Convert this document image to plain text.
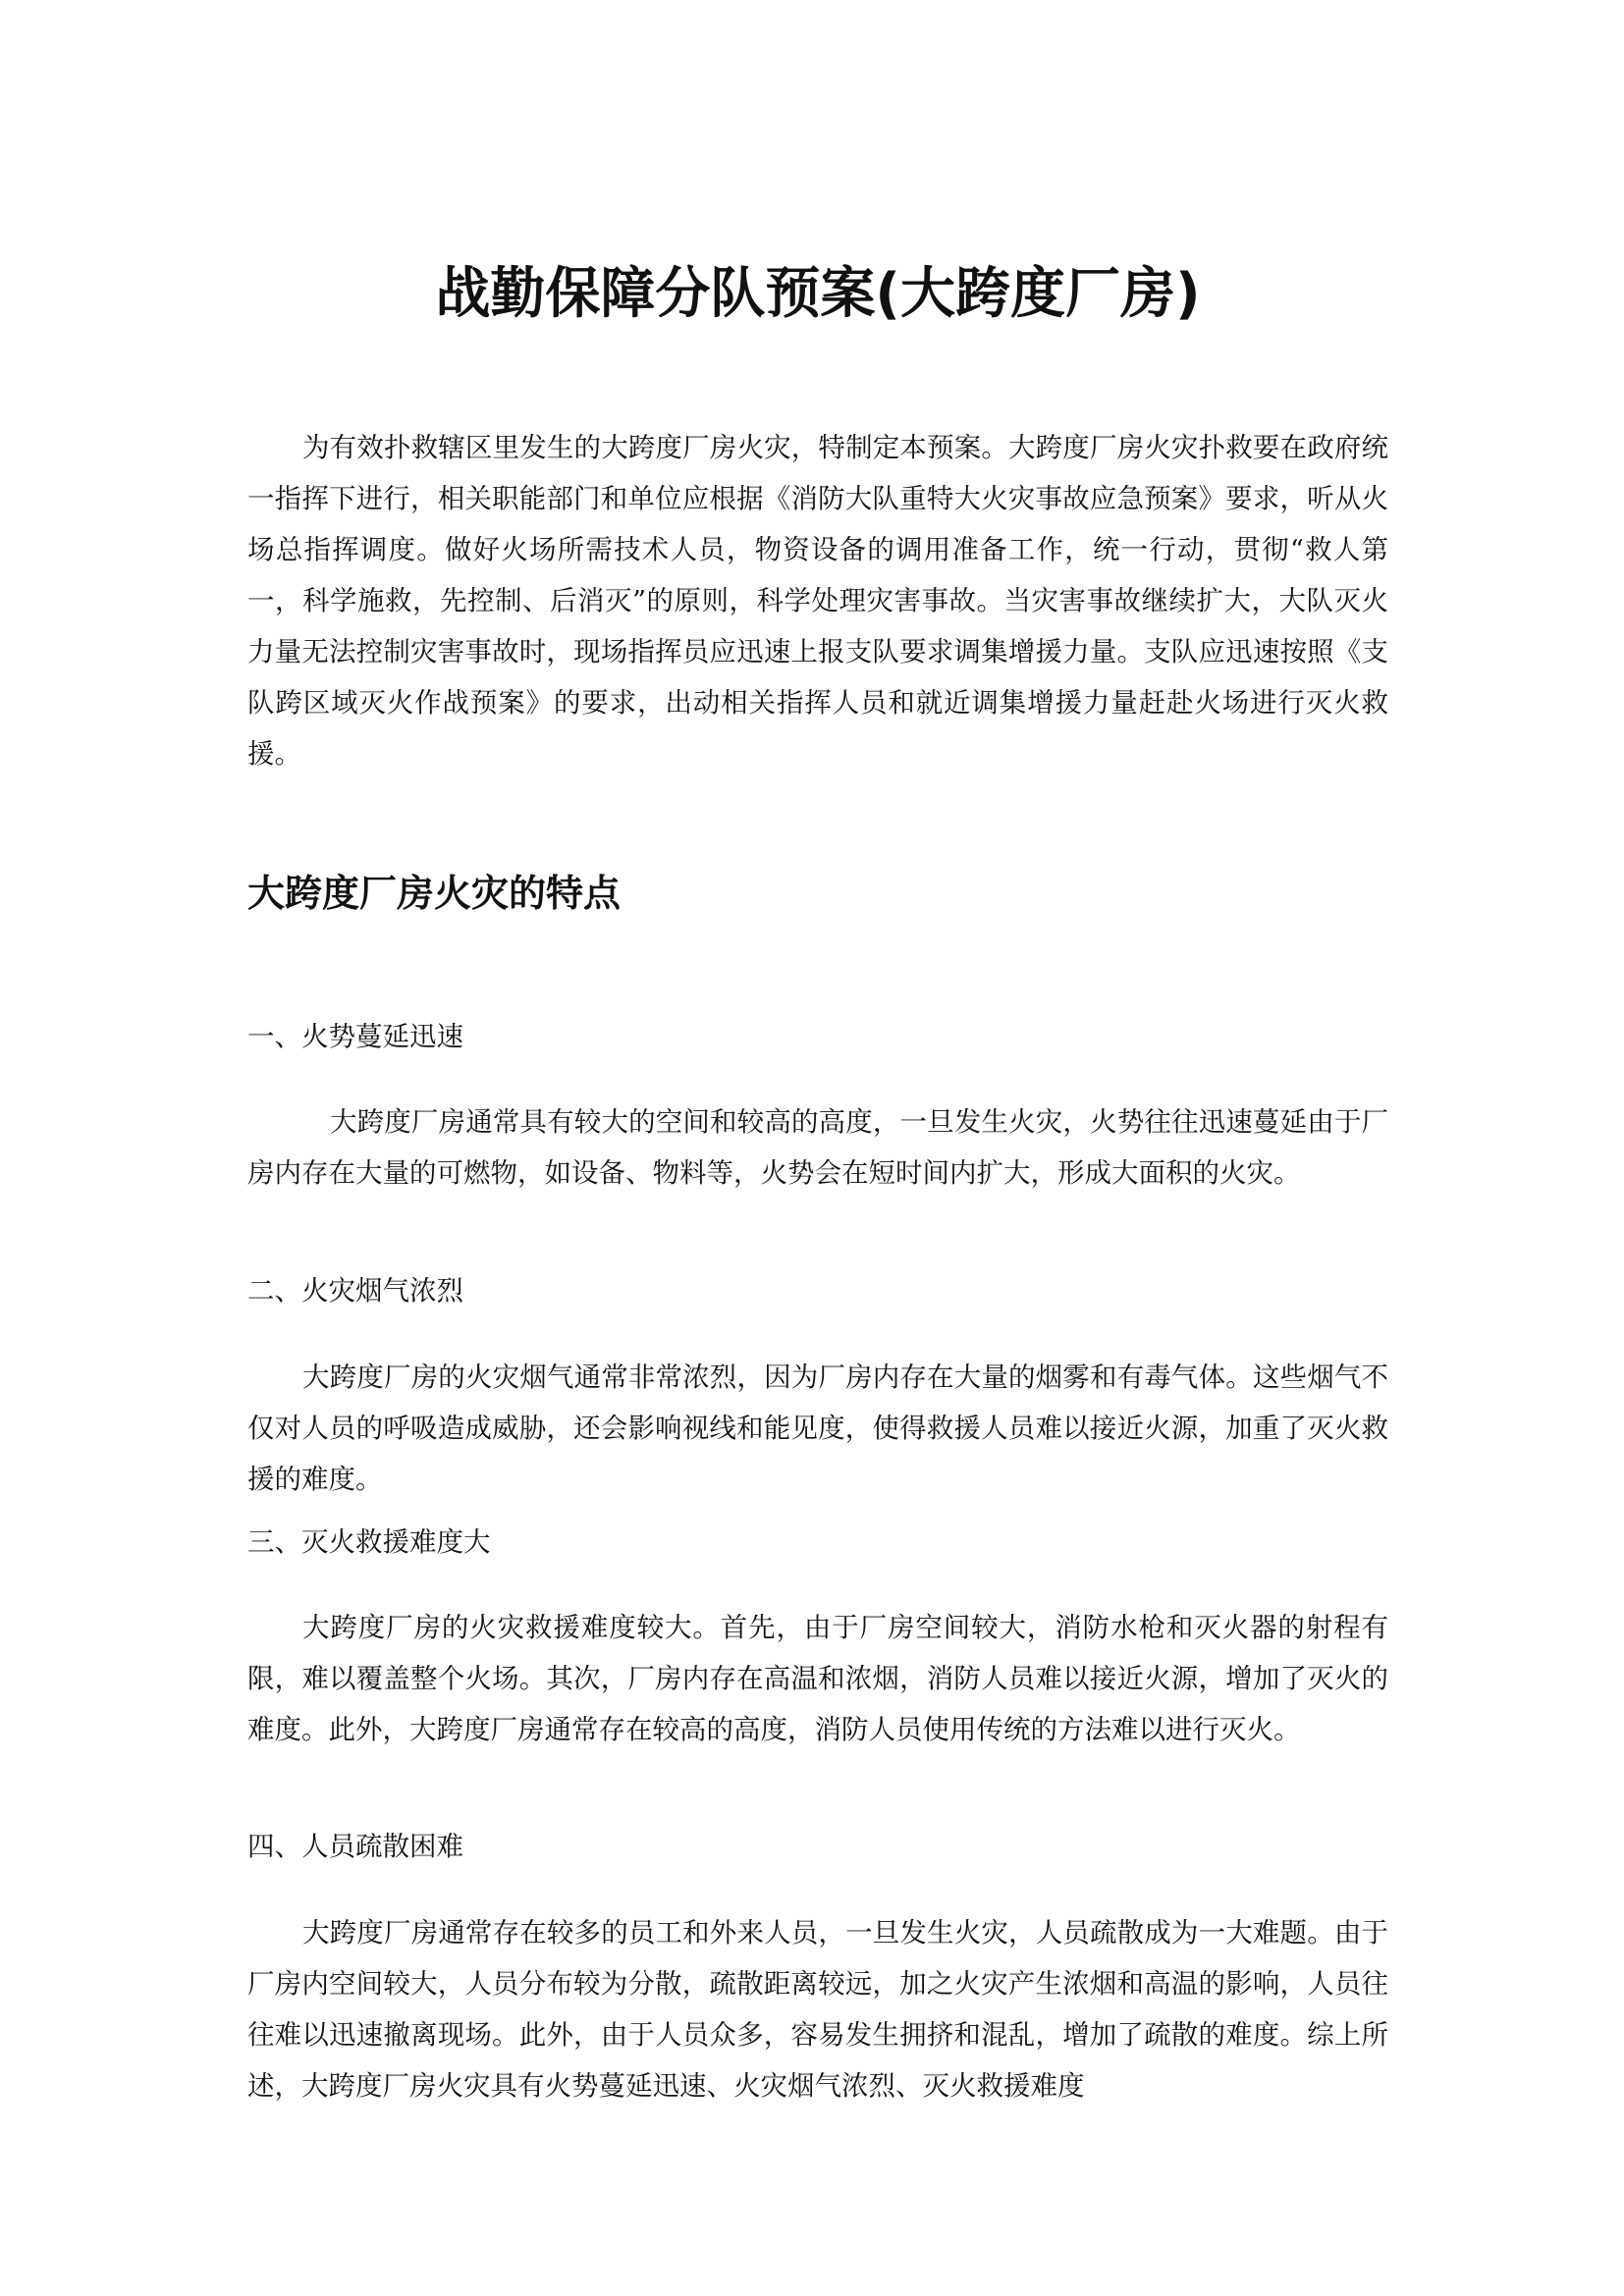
战勤保障分队预案(大跨度厂房)

为有效扑救辖区里发生的大跨度厂房火灾，特制定本预案。大跨度厂房火灾扑救要在政府统一指挥下进行，相关职能部门和单位应根据《消防大队重特大火灾事故应急预案》要求，听从火场总指挥调度。做好火场所需技术人员，物资设备的调用准备工作，统一行动，贯彻“救人第一，科学施救，先控制、后消灭”的原则，科学处理灾害事故。当灾害事故继续扩大，大队灭火力量无法控制灾害事故时，现场指挥员应迅速上报支队要求调集增援力量。支队应迅速按照《支队跨区域灭火作战预案》的要求，出动相关指挥人员和就近调集增援力量赶赴火场进行灭火救援。

大跨度厂房火灾的特点

一、火势蔓延迅速

大跨度厂房通常具有较大的空间和较高的高度，一旦发生火灾，火势往往迅速蔓延由于厂房内存在大量的可燃物，如设备、物料等，火势会在短时间内扩大，形成大面积的火灾。

二、火灾烟气浓烈

大跨度厂房的火灾烟气通常非常浓烈，因为厂房内存在大量的烟雾和有毒气体。这些烟气不仅对人员的呼吸造成威胁，还会影响视线和能见度，使得救援人员难以接近火源，加重了灭火救援的难度。

三、灭火救援难度大

大跨度厂房的火灾救援难度较大。首先，由于厂房空间较大，消防水枪和灭火器的射程有限，难以覆盖整个火场。其次，厂房内存在高温和浓烟，消防人员难以接近火源，增加了灭火的难度。此外，大跨度厂房通常存在较高的高度，消防人员使用传统的方法难以进行灭火。

四、人员疏散困难

大跨度厂房通常存在较多的员工和外来人员，一旦发生火灾，人员疏散成为一大难题。由于厂房内空间较大，人员分布较为分散，疏散距离较远，加之火灾产生浓烟和高温的影响，人员往往难以迅速撤离现场。此外，由于人员众多，容易发生拥挤和混乱，增加了疏散的难度。综上所述，大跨度厂房火灾具有火势蔓延迅速、火灾烟气浓烈、灭火救援难度
